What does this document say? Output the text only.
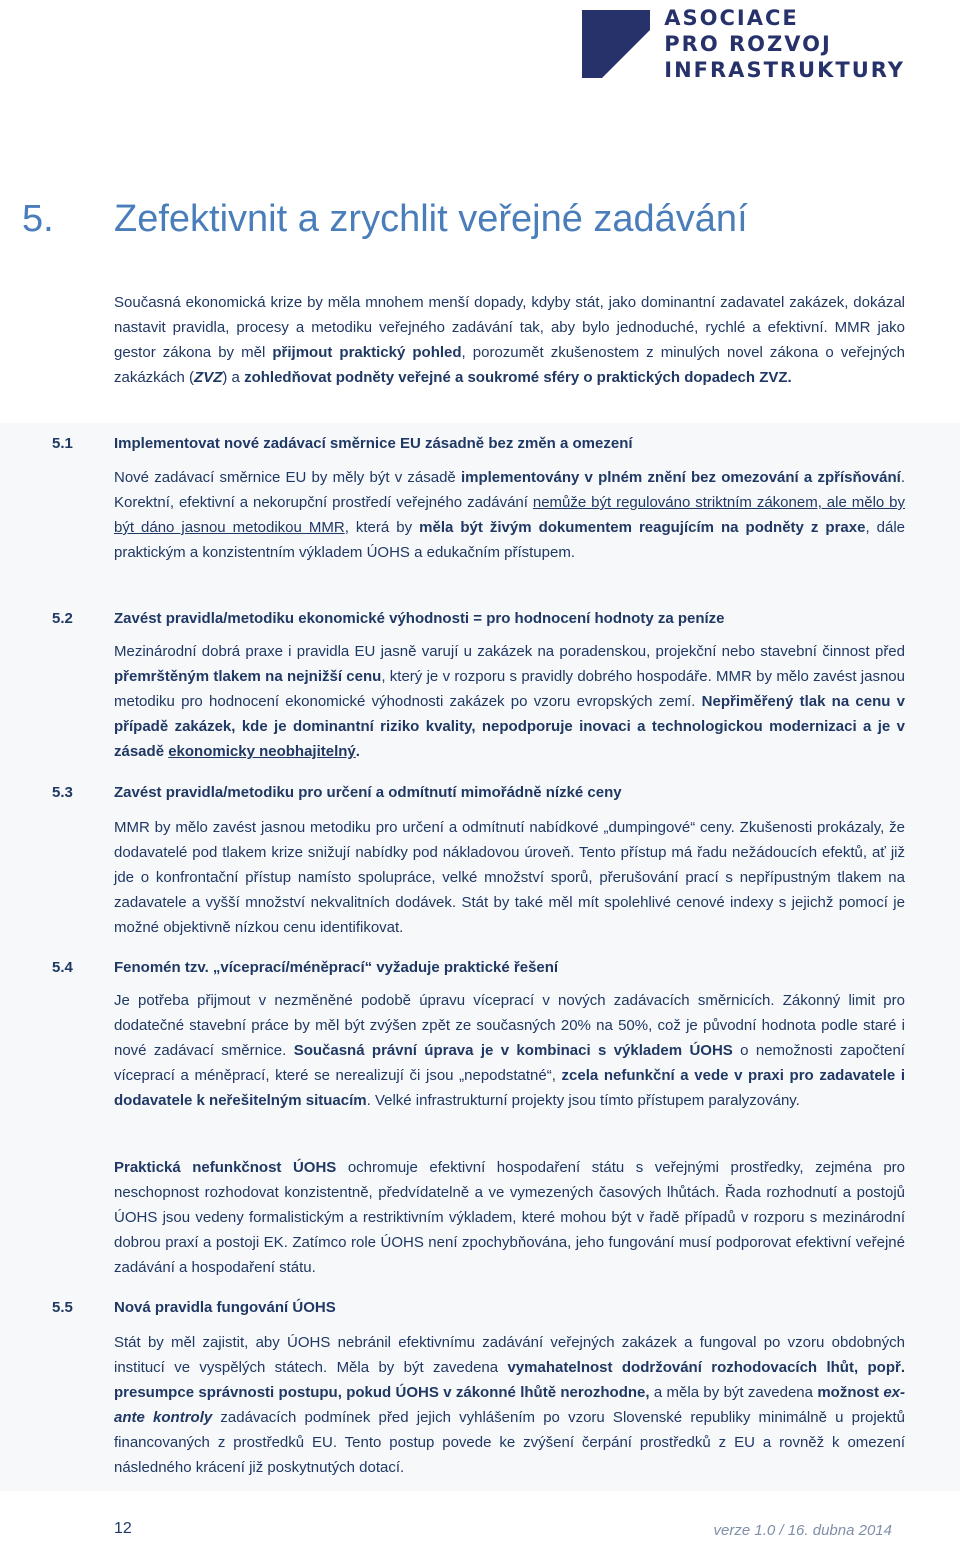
ASOCIACE
PRO ROZVOJ
INFRASTRUKTURY
5.	Zefektivnit a zrychlit veřejné zadávání

Současná ekonomická krize by měla mnohem menší dopady, kdyby stát, jako dominantní zadavatel zakázek, dokázal nastavit pravidla, procesy a metodiku veřejného zadávání tak, aby bylo jednoduché, rychlé a efektivní. MMR jako gestor zákona by měl přijmout praktický pohled, porozumět zkušenostem z minulých novel zákona o veřejných zakázkách (ZVZ) a zohledňovat podněty veřejné a soukromé sféry o praktických dopadech ZVZ.

5.1	Implementovat nové zadávací směrnice EU zásadně bez změn a omezení

Nové zadávací směrnice EU by měly být v zásadě implementovány v plném znění bez omezování a zpřísňování. Korektní, efektivní a nekorupční prostředí veřejného zadávání nemůže být regulováno striktním zákonem, ale mělo by být dáno jasnou metodikou MMR, která by měla být živým dokumentem reagujícím na podněty z praxe, dále praktickým a konzistentním výkladem ÚOHS a edukačním přístupem.

5.2	Zavést pravidla/metodiku ekonomické výhodnosti = pro hodnocení hodnoty za peníze

Mezinárodní dobrá praxe i pravidla EU jasně varují u zakázek na poradenskou, projekční nebo stavební činnost před přemrštěným tlakem na nejnižší cenu, který je v rozporu s pravidly dobrého hospodáře. MMR by mělo zavést jasnou metodiku pro hodnocení ekonomické výhodnosti zakázek po vzoru evropských zemí. Nepřiměřený tlak na cenu v případě zakázek, kde je dominantní riziko kvality, nepodporuje inovaci a technologickou modernizaci a je v zásadě ekonomicky neobhajitelný.

5.3	Zavést pravidla/metodiku pro určení a odmítnutí mimořádně nízké ceny

MMR by mělo zavést jasnou metodiku pro určení a odmítnutí nabídkové „dumpingové“ ceny. Zkušenosti prokázaly, že dodavatelé pod tlakem krize snižují nabídky pod nákladovou úroveň. Tento přístup má řadu nežádoucích efektů, ať již jde o konfrontační přístup namísto spolupráce, velké množství sporů, přerušování prací s nepřípustným tlakem na zadavatele a vyšší množství nekvalitních dodávek. Stát by také měl mít spolehlivé cenové indexy s jejichž pomocí je možné objektivně nízkou cenu identifikovat.

5.4	Fenomén tzv. „víceprací/méněprací“ vyžaduje praktické řešení

Je potřeba přijmout v nezměněné podobě úpravu víceprací v nových zadávacích směrnicích. Zákonný limit pro dodatečné stavební práce by měl být zvýšen zpět ze současných 20% na 50%, což je původní hodnota podle staré i nové zadávací směrnice. Současná právní úprava je v kombinaci s výkladem ÚOHS o nemožnosti započtení víceprací a méněprací, které se nerealizují či jsou „nepodstatné“, zcela nefunkční a vede v praxi pro zadavatele i dodavatele k neřešitelným situacím. Velké infrastrukturní projekty jsou tímto přístupem paralyzovány.

Praktická nefunkčnost ÚOHS ochromuje efektivní hospodaření státu s veřejnými prostředky, zejména pro neschopnost rozhodovat konzistentně, předvídatelně a ve vymezených časových lhůtách. Řada rozhodnutí a postojů ÚOHS jsou vedeny formalistickým a restriktivním výkladem, které mohou být v řadě případů v rozporu s mezinárodní dobrou praxí a postoji EK. Zatímco role ÚOHS není zpochybňována, jeho fungování musí podporovat efektivní veřejné zadávání a hospodaření státu.

5.5	Nová pravidla fungování ÚOHS

Stát by měl zajistit, aby ÚOHS nebránil efektivnímu zadávání veřejných zakázek a fungoval po vzoru obdobných institucí ve vyspělých státech. Měla by být zavedena vymahatelnost dodržování rozhodovacích lhůt, popř. presumpce správnosti postupu, pokud ÚOHS v zákonné lhůtě nerozhodne, a měla by být zavedena možnost ex-ante kontroly zadávacích podmínek před jejich vyhlášením po vzoru Slovenské republiky minimálně u projektů financovaných z prostředků EU. Tento postup povede ke zvýšení čerpání prostředků z EU a rovněž k omezení následného krácení již poskytnutých dotací.

12	verze 1.0 / 16. dubna 2014
